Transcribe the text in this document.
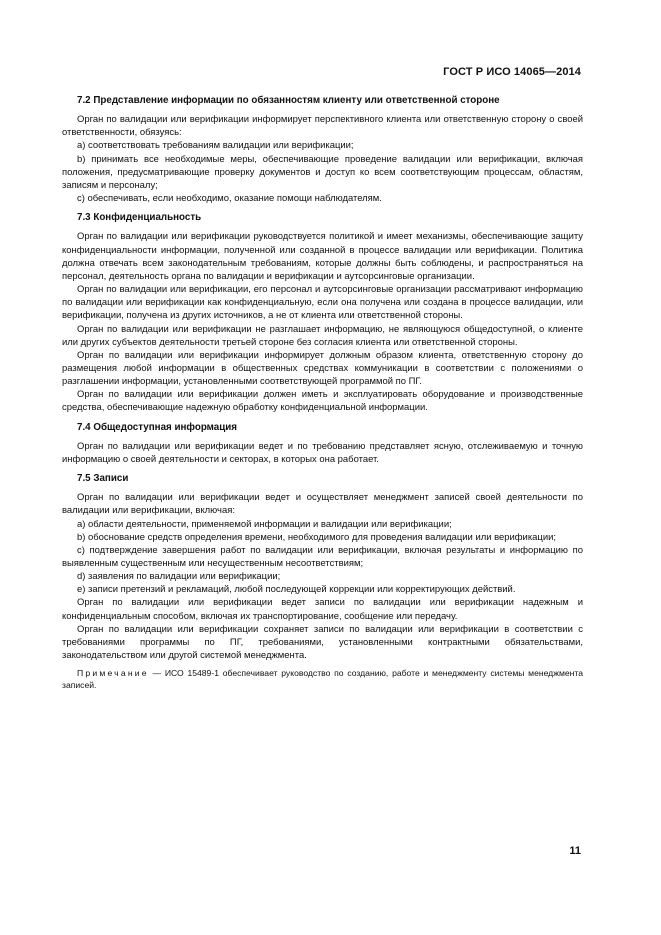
ГОСТ Р ИСО 14065—2014
7.2 Представление информации по обязанностям клиенту или ответственной стороне

Орган по валидации или верификации информирует перспективного клиента или ответственную сторону о своей ответственности, обязуясь:

a) соответствовать требованиям валидации или верификации;

b) принимать все необходимые меры, обеспечивающие проведение валидации или верификации, включая положения, предусматривающие проверку документов и доступ ко всем соответствующим процессам, областям, записям и персоналу;

c) обеспечивать, если необходимо, оказание помощи наблюдателям.

7.3 Конфиденциальность

Орган по валидации или верификации руководствуется политикой и имеет механизмы, обеспечивающие защиту конфиденциальности информации, полученной или созданной в процессе валидации или верификации. Политика должна отвечать всем законодательным требованиям, которые должны быть соблюдены, и распространяться на персонал, деятельность органа по валидации и верификации и аутсорсинговые организации.

Орган по валидации или верификации, его персонал и аутсорсинговые организации рассматривают информацию по валидации или верификации как конфиденциальную, если она получена или создана в процессе валидации, или верификации, получена из других источников, а не от клиента или ответственной стороны.

Орган по валидации или верификации не разглашает информацию, не являющуюся общедоступной, о клиенте или других субъектов деятельности третьей стороне без согласия клиента или ответственной стороны.

Орган по валидации или верификации информирует должным образом клиента, ответственную сторону до размещения любой информации в общественных средствах коммуникации в соответствии с положениями о разглашении информации, установленными соответствующей программой по ПГ.

Орган по валидации или верификации должен иметь и эксплуатировать оборудование и производственные средства, обеспечивающие надежную обработку конфиденциальной информации.

7.4 Общедоступная информация

Орган по валидации или верификации ведет и по требованию представляет ясную, отслеживаемую и точную информацию о своей деятельности и секторах, в которых она работает.

7.5 Записи

Орган по валидации или верификации ведет и осуществляет менеджмент записей своей деятельности по валидации или верификации, включая:

a) области деятельности, применяемой информации и валидации или верификации;

b) обоснование средств определения времени, необходимого для проведения валидации или верификации;

c) подтверждение завершения работ по валидации или верификации, включая результаты и информацию по выявленным существенным или несущественным несоответствиям;

d) заявления по валидации или верификации;

e) записи претензий и рекламаций, любой последующей коррекции или корректирующих действий.

Орган по валидации или верификации ведет записи по валидации или верификации надежным и конфиденциальным способом, включая их транспортирование, сообщение или передачу.

Орган по валидации или верификации сохраняет записи по валидации или верификации в соответствии с требованиями программы по ПГ, требованиями, установленными контрактными обязательствами, законодательством или другой системой менеджмента.

Примечание — ИСО 15489-1 обеспечивает руководство по созданию, работе и менеджменту системы менеджмента записей.

11
